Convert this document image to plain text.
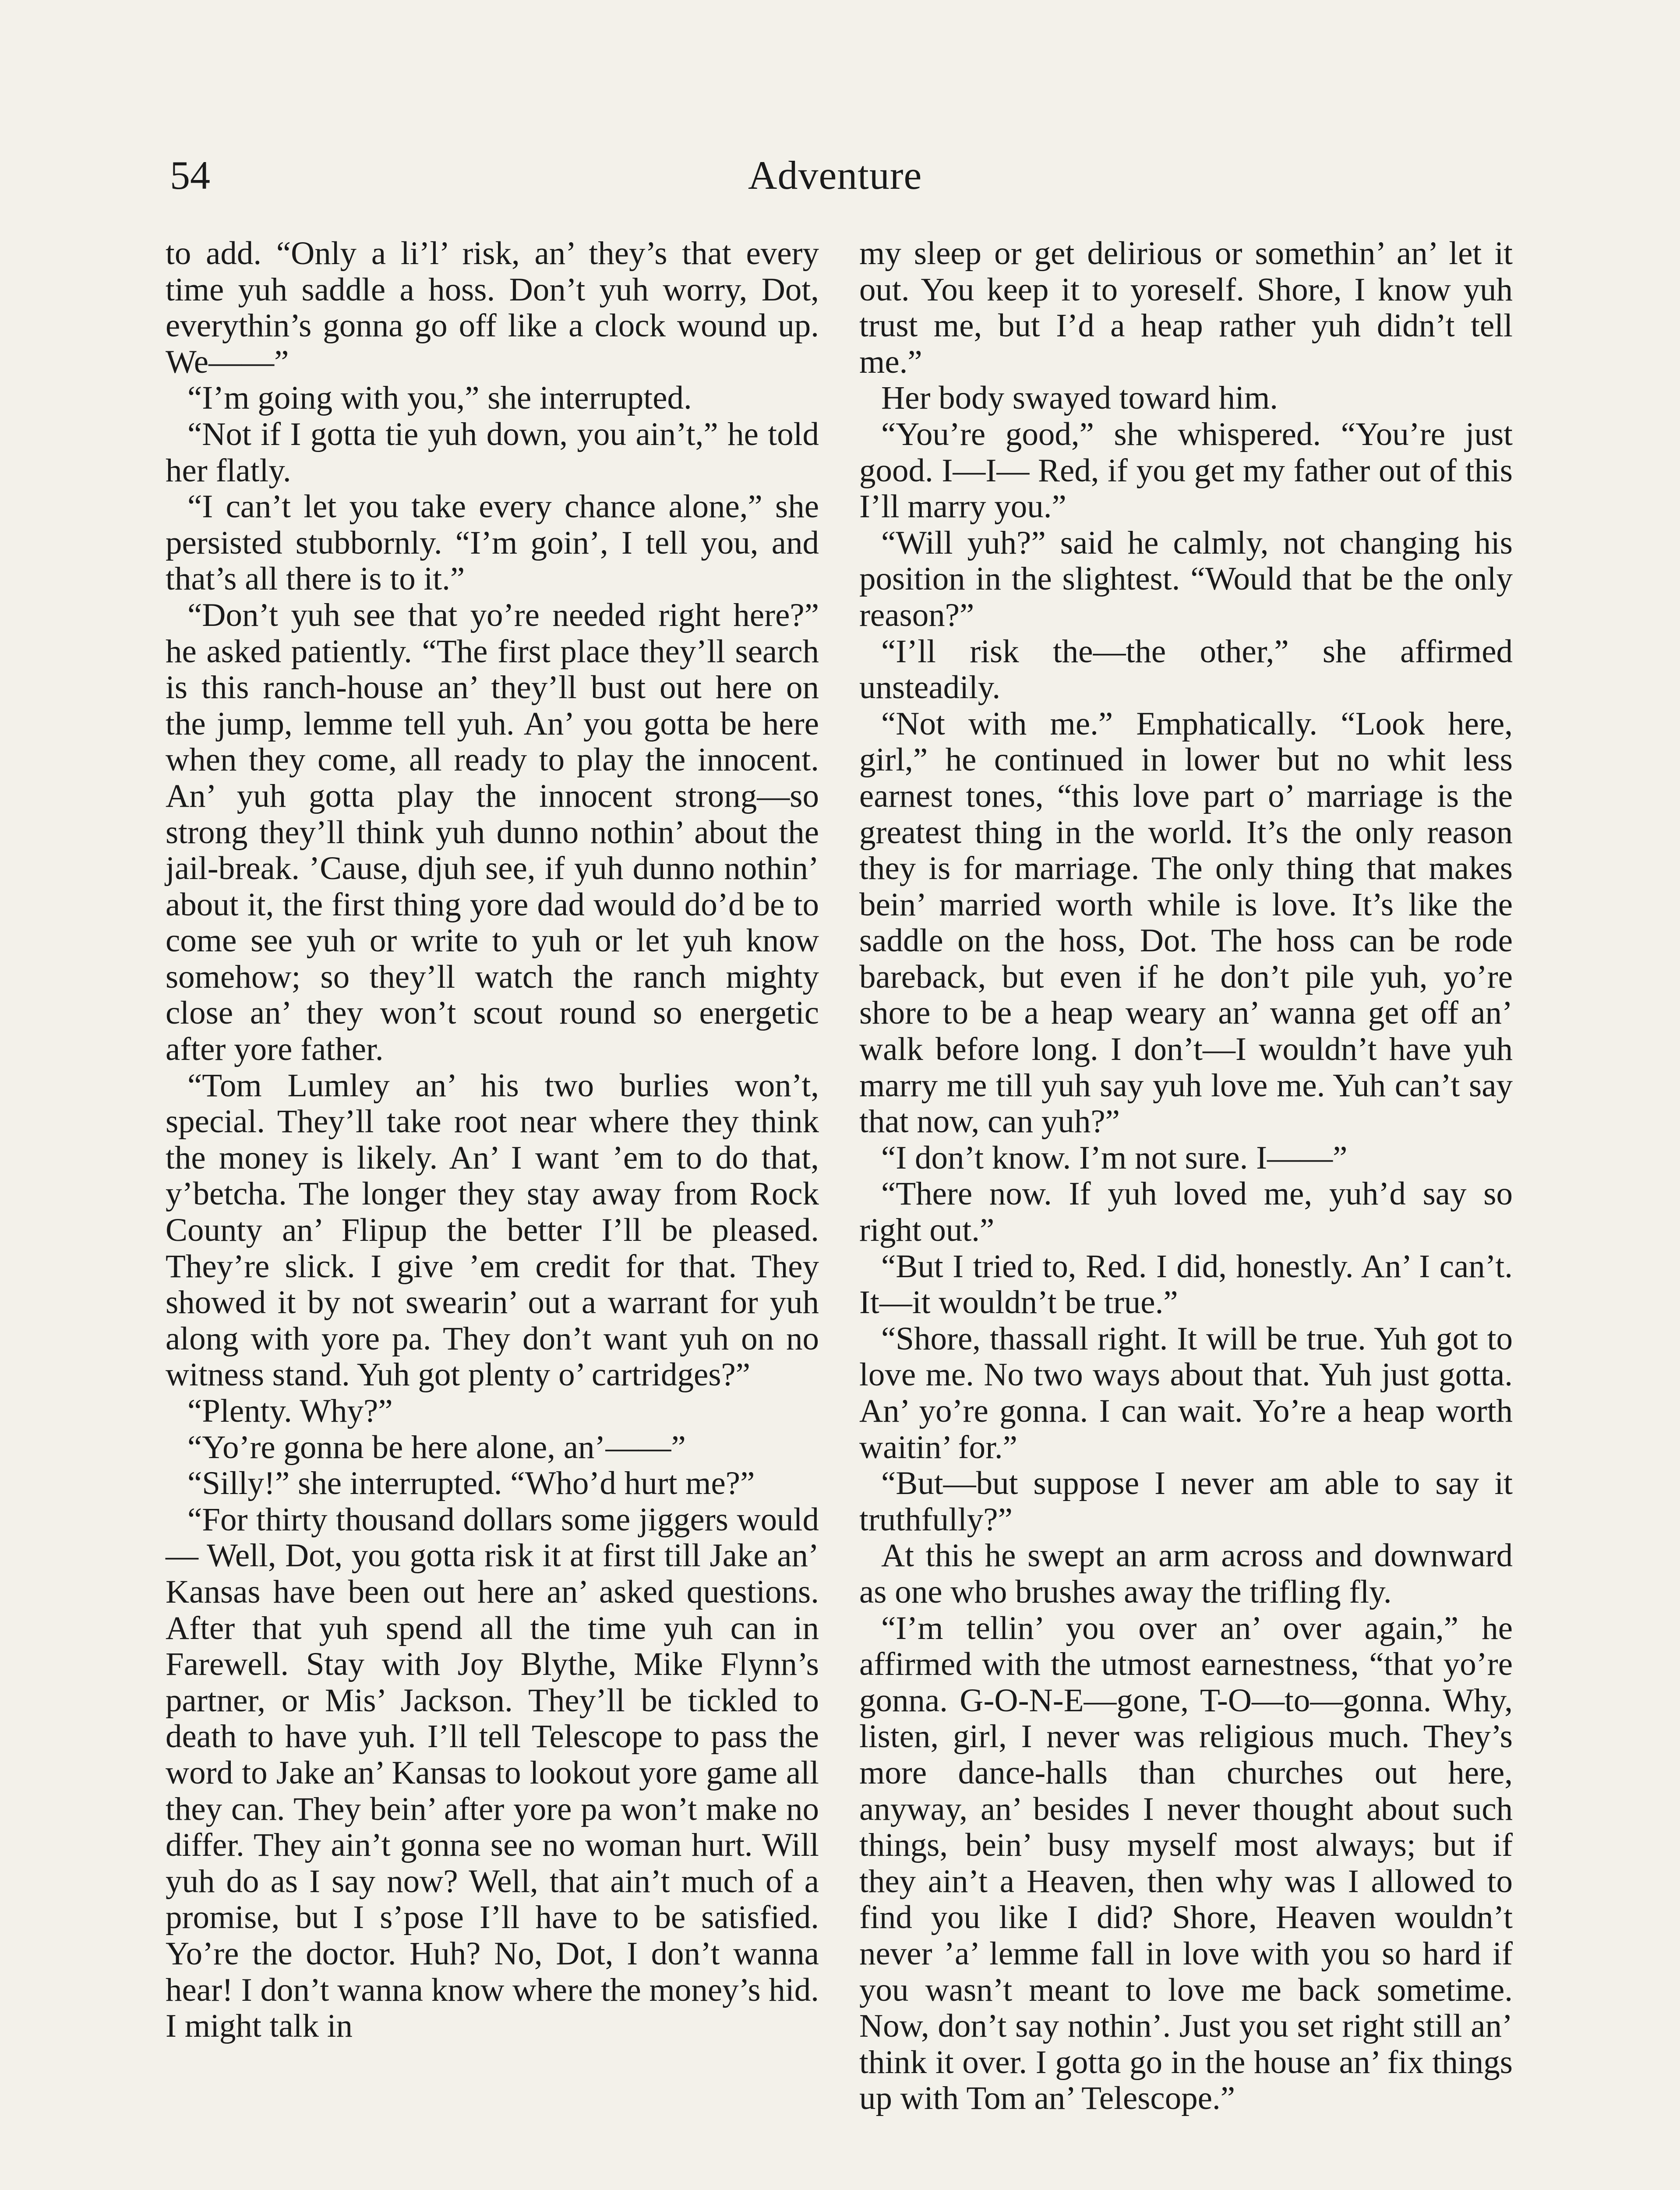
54	Adventure

to add. “Only a li’l’ risk, an’ they’s that every time yuh saddle a hoss. Don’t yuh worry, Dot, everythin’s gonna go off like a clock wound up. We——”

“I’m going with you,” she interrupted.

“Not if I gotta tie yuh down, you ain’t,” he told her flatly.

“I can’t let you take every chance alone,” she persisted stubbornly. “I’m goin’, I tell you, and that’s all there is to it.”

“Don’t yuh see that yo’re needed right here?” he asked patiently. “The first place they’ll search is this ranch-house an’ they’ll bust out here on the jump, lemme tell yuh. An’ you gotta be here when they come, all ready to play the innocent. An’ yuh gotta play the innocent strong—so strong they’ll think yuh dunno nothin’ about the jail-break. ’Cause, djuh see, if yuh dunno nothin’ about it, the first thing yore dad would do’d be to come see yuh or write to yuh or let yuh know somehow; so they’ll watch the ranch mighty close an’ they won’t scout round so energetic after yore father.

“Tom Lumley an’ his two burlies won’t, special. They’ll take root near where they think the money is likely. An’ I want ’em to do that, y’betcha. The longer they stay away from Rock County an’ Flipup the better I’ll be pleased. They’re slick. I give ’em credit for that. They showed it by not swearin’ out a warrant for yuh along with yore pa. They don’t want yuh on no witness stand. Yuh got plenty o’ cartridges?”

“Plenty. Why?”

“Yo’re gonna be here alone, an’——”

“Silly!” she interrupted. “Who’d hurt me?”

“For thirty thousand dollars some jiggers would— Well, Dot, you gotta risk it at first till Jake an’ Kansas have been out here an’ asked questions. After that yuh spend all the time yuh can in Farewell. Stay with Joy Blythe, Mike Flynn’s partner, or Mis’ Jackson. They’ll be tickled to death to have yuh. I’ll tell Telescope to pass the word to Jake an’ Kansas to lookout yore game all they can. They bein’ after yore pa won’t make no differ. They ain’t gonna see no woman hurt. Will yuh do as I say now? Well, that ain’t much of a promise, but I s’pose I’ll have to be satisfied. Yo’re the doctor. Huh? No, Dot, I don’t wanna hear! I don’t wanna know where the money’s hid. I might talk in

my sleep or get delirious or somethin’ an’ let it out. You keep it to yoreself. Shore, I know yuh trust me, but I’d a heap rather yuh didn’t tell me.”

Her body swayed toward him.

“You’re good,” she whispered. “You’re just good. I—I— Red, if you get my father out of this I’ll marry you.”

“Will yuh?” said he calmly, not changing his position in the slightest. “Would that be the only reason?”

“I’ll risk the—the other,” she affirmed unsteadily.

“Not with me.” Emphatically. “Look here, girl,” he continued in lower but no whit less earnest tones, “this love part o’ marriage is the greatest thing in the world. It’s the only reason they is for marriage. The only thing that makes bein’ married worth while is love. It’s like the saddle on the hoss, Dot. The hoss can be rode bareback, but even if he don’t pile yuh, yo’re shore to be a heap weary an’ wanna get off an’ walk before long. I don’t—I wouldn’t have yuh marry me till yuh say yuh love me. Yuh can’t say that now, can yuh?”

“I don’t know. I’m not sure. I——”

“There now. If yuh loved me, yuh’d say so right out.”

“But I tried to, Red. I did, honestly. An’ I can’t. It—it wouldn’t be true.”

“Shore, thassall right. It will be true. Yuh got to love me. No two ways about that. Yuh just gotta. An’ yo’re gonna. I can wait. Yo’re a heap worth waitin’ for.”

“But—but suppose I never am able to say it truthfully?”

At this he swept an arm across and downward as one who brushes away the trifling fly.

“I’m tellin’ you over an’ over again,” he affirmed with the utmost earnestness, “that yo’re gonna. G-O-N-E—gone, T-O—to—gonna. Why, listen, girl, I never was religious much. They’s more dance-halls than churches out here, anyway, an’ besides I never thought about such things, bein’ busy myself most always; but if they ain’t a Heaven, then why was I allowed to find you like I did? Shore, Heaven wouldn’t never ’a’ lemme fall in love with you so hard if you wasn’t meant to love me back sometime. Now, don’t say nothin’. Just you set right still an’ think it over. I gotta go in the house an’ fix things up with Tom an’ Telescope.”
